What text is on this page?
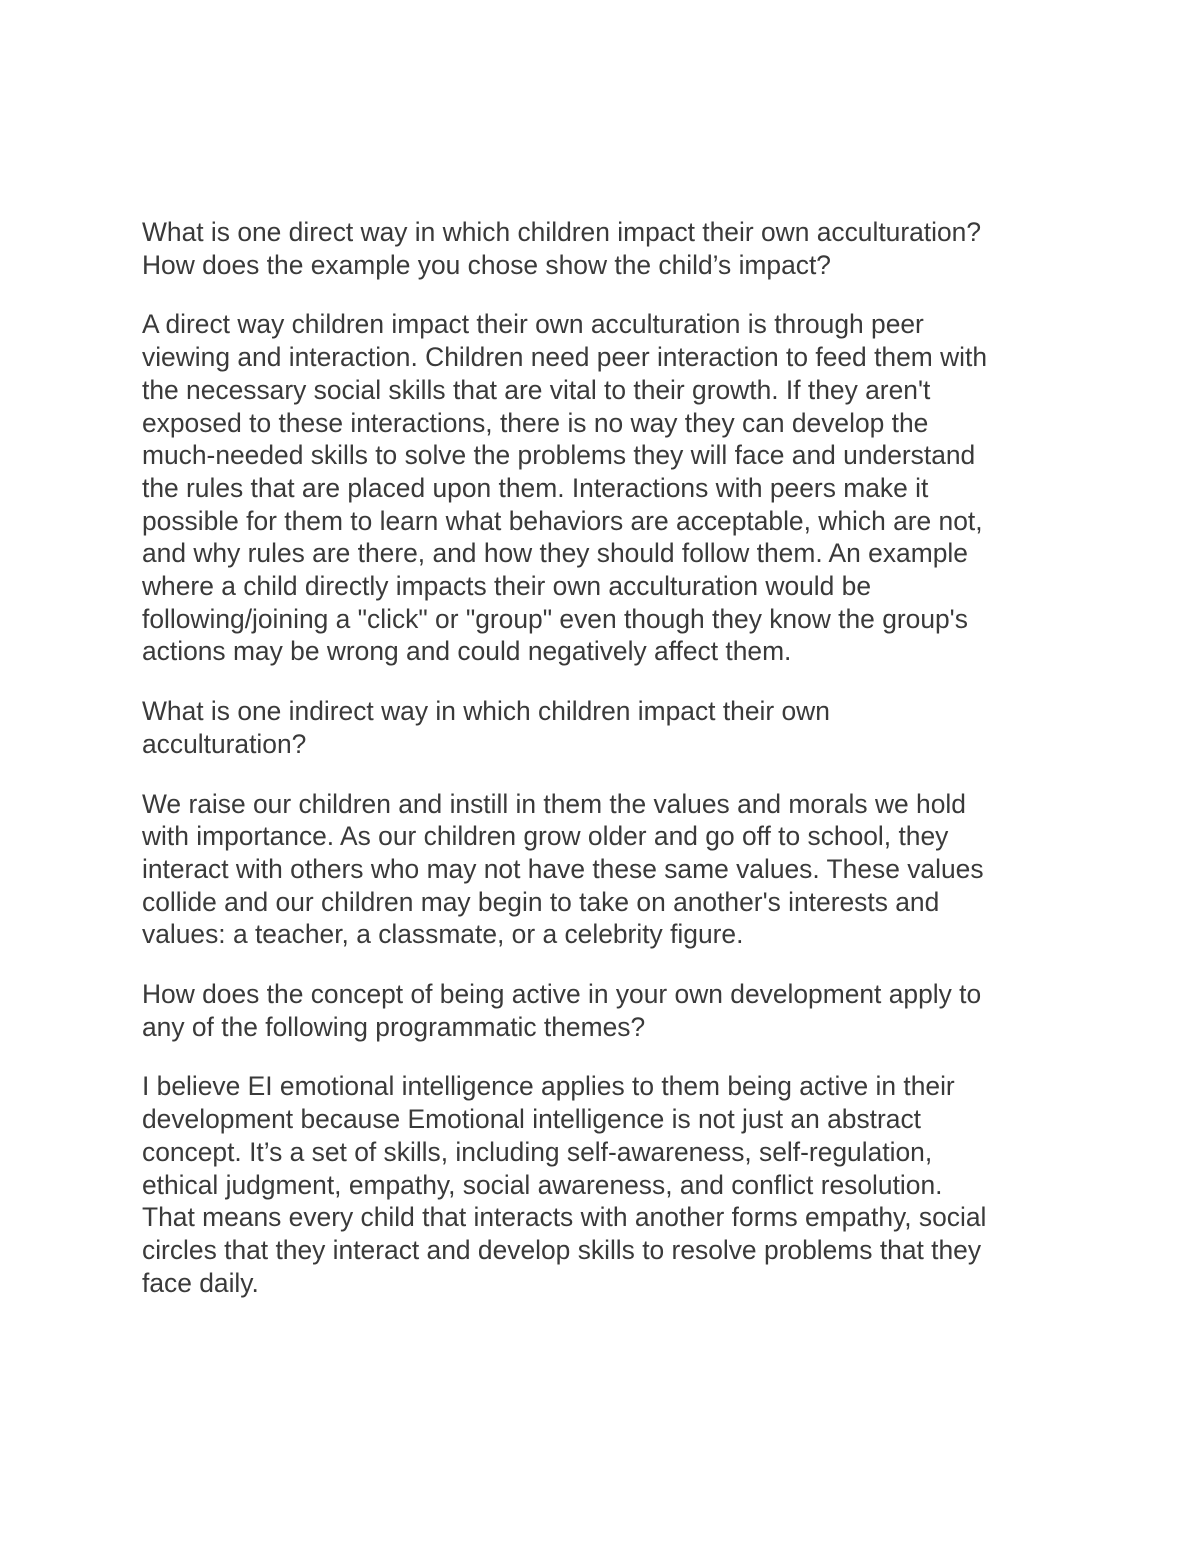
What is one direct way in which children impact their own acculturation?
How does the example you chose show the child’s impact?

A direct way children impact their own acculturation is through peer
viewing and interaction. Children need peer interaction to feed them with
the necessary social skills that are vital to their growth. If they aren't
exposed to these interactions, there is no way they can develop the
much-needed skills to solve the problems they will face and understand
the rules that are placed upon them. Interactions with peers make it
possible for them to learn what behaviors are acceptable, which are not,
and why rules are there, and how they should follow them. An example
where a child directly impacts their own acculturation would be
following/joining a "click" or "group" even though they know the group's
actions may be wrong and could negatively affect them.

What is one indirect way in which children impact their own
acculturation?

We raise our children and instill in them the values and morals we hold
with importance. As our children grow older and go off to school, they
interact with others who may not have these same values. These values
collide and our children may begin to take on another's interests and
values: a teacher, a classmate, or a celebrity figure.

How does the concept of being active in your own development apply to
any of the following programmatic themes?

I believe EI emotional intelligence applies to them being active in their
development because Emotional intelligence is not just an abstract
concept. It’s a set of skills, including self-awareness, self-regulation,
ethical judgment, empathy, social awareness, and conflict resolution.
That means every child that interacts with another forms empathy, social
circles that they interact and develop skills to resolve problems that they
face daily.
